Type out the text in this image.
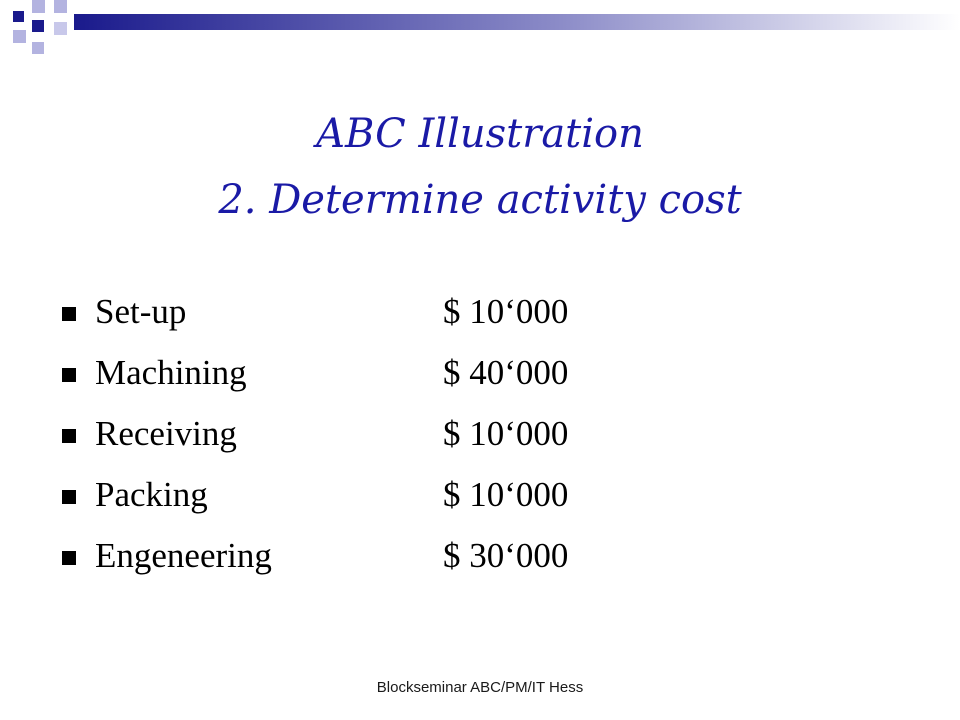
ABC Illustration
2. Determine activity cost
Set-up	$ 10‘000
Machining	$ 40‘000
Receiving	$ 10‘000
Packing	$ 10‘000
Engeneering	$ 30‘000
Blockseminar ABC/PM/IT Hess
